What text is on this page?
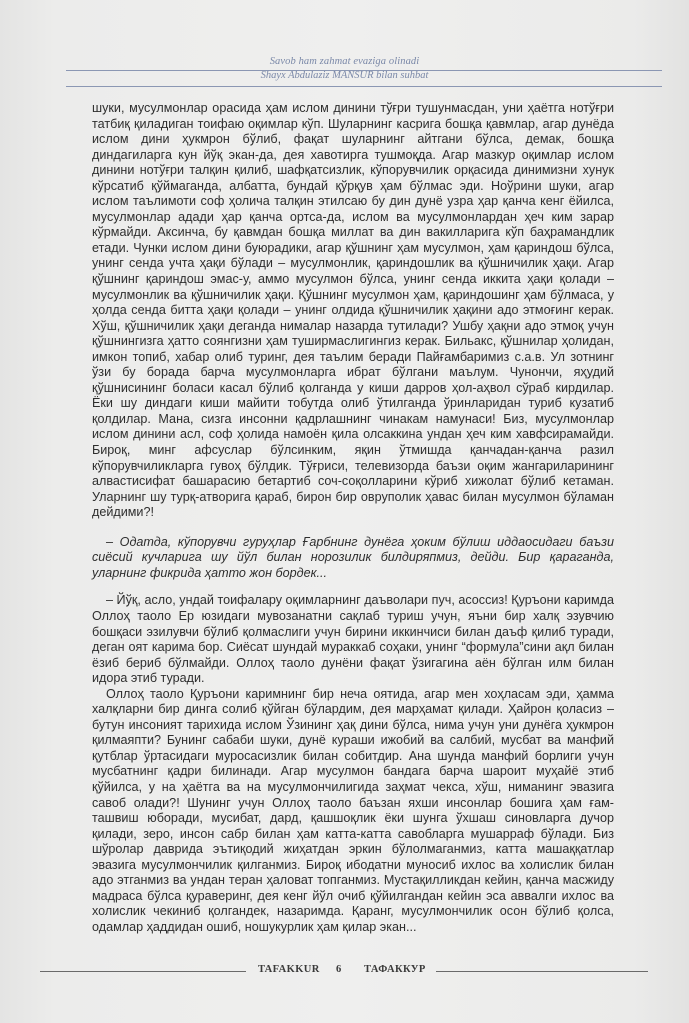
Savob ham zahmat evaziga olinadi
Shayx Abdulaziz MANSUR bilan suhbat

шуки, мусулмонлар орасида ҳам ислом динини тўғри тушунмасдан, уни ҳаётга нотўғри татбиқ қиладиган тоифаю оқимлар кўп. Шуларнинг касрига бошқа қавмлар, агар дунёда ислом дини ҳукмрон бўлиб, фақат шуларнинг айтгани бўлса, демак, бошқа диндагиларга кун йўқ экан-да, дея хавотирга тушмоқда. Агар мазкур оқимлар ислом динини нотўғри талқин қилиб, шафқатсизлик, кўпорувчилик орқасида динимизни хунук кўрсатиб қўймаганда, албатта, бундай қўрқув ҳам бўлмас эди. Ноўрини шуки, агар ислом таълимоти соф ҳолича талқин этилсаю бу дин дунё узра ҳар қанча кенг ёйилса, мусулмонлар адади ҳар қанча ортса-да, ислом ва мусулмонлардан ҳеч ким зарар кўрмайди. Аксинча, бу қавмдан бошқа миллат ва дин вакилларига кўп баҳрамандлик етади. Чунки ислом дини буюрадики, агар қўшнинг ҳам мусулмон, ҳам қариндош бўлса, унинг сенда учта ҳақи бўлади – мусулмонлик, қариндошлик ва қўшничилик ҳақи. Агар қўшнинг қариндош эмас-у, аммо мусулмон бўлса, унинг сенда иккита ҳақи қолади – мусулмонлик ва қўшничилик ҳақи. Қўшнинг мусулмон ҳам, қариндошинг ҳам бўлмаса, у ҳолда сенда битта ҳақи қолади – унинг олдида қўшничилик ҳақини адо этмоғинг керак. Хўш, қўшничилик ҳақи деганда нималар назарда тутилади? Ушбу ҳақни адо этмоқ учун қўшнингизга ҳатто соянгизни ҳам туширмаслигингиз керак. Бильакс, қўшнилар ҳолидан, имкон топиб, хабар олиб туринг, дея таълим беради Пайғамбаримиз с.а.в. Ул зотнинг ўзи бу борада барча мусулмонларга ибрат бўлгани маълум. Чунончи, яҳудий қўшнисининг боласи касал бўлиб қолганда у киши дарров ҳол-аҳвол сўраб кирдилар. Ёки шу диндаги киши майити тобутда олиб ўтилганда ўринларидан туриб кузатиб қолдилар. Мана, сизга инсонни қадрлашнинг чинакам намунаси! Биз, мусулмонлар ислом динини асл, соф ҳолида намоён қила олсаккина ундан ҳеч ким хавфсирамайди. Бироқ, минг афсуслар бўлсинким, яқин ўтмишда қанчадан-қанча разил кўпорувчиликларга гувоҳ бўлдик. Тўғриси, телевизорда баъзи оқим жангариларининг алвастисифат башарасию бетартиб соч-соқолларини кўриб хижолат бўлиб кетаман. Уларнинг шу турқ-атворига қараб, бирон бир овруполик ҳавас билан мусулмон бўламан дейдими?!

– Одатда, кўпорувчи гуруҳлар Ғарбнинг дунёга ҳоким бўлиш иддаосидаги баъзи сиёсий кучларига шу йўл билан норозилик билдиряпмиз, дейди. Бир қараганда, уларнинг фикрида ҳатто жон бордек...

– Йўқ, асло, ундай тоифалару оқимларнинг даъволари пуч, асоссиз! Қуръони каримда Оллоҳ таоло Ер юзидаги мувозанатни сақлаб туриш учун, яъни бир халқ эзувчию бошқаси эзилувчи бўлиб қолмаслиги учун бирини иккинчиси билан даъф қилиб туради, деган оят карима бор. Сиёсат шундай мураккаб соҳаки, унинг “формула”сини ақл билан ёзиб бериб бўлмайди. Оллоҳ таоло дунёни фақат ўзигагина аён бўлган илм билан идора этиб туради.

Оллоҳ таоло Қуръони каримнинг бир неча оятида, агар мен хоҳласам эди, ҳамма халқларни бир динга солиб қўйган бўлардим, дея марҳамат қилади. Ҳайрон қоласиз – бутун инсоният тарихида ислом Ўзининг ҳақ дини бўлса, нима учун уни дунёга ҳукмрон қилмаяпти? Бунинг сабаби шуки, дунё кураши ижобий ва салбий, мусбат ва манфий қутблар ўртасидаги муросасизлик билан собитдир. Ана шунда манфий борлиги учун мусбатнинг қадри билинади. Агар мусулмон бандага барча шароит муҳайё этиб қўйилса, у на ҳаётга ва на мусулмончилигида заҳмат чекса, хўш, ниманинг эвазига савоб олади?! Шунинг учун Оллоҳ таоло баъзан яхши инсонлар бошига ҳам ғам-ташвиш юборади, мусибат, дард, қашшоқлик ёки шунга ўхшаш синовларга дучор қилади, зеро, инсон сабр билан ҳам катта-катта савобларга мушарраф бўлади. Биз шўролар даврида эътиқодий жиҳатдан эркин бўлолмаганмиз, катта машаққатлар эвазига мусулмончилик қилганмиз. Бироқ ибодатни муносиб ихлос ва холислик билан адо этганмиз ва ундан теран ҳаловат топганмиз. Мустақилликдан кейин, қанча масжиду мадраса бўлса қураверинг, дея кенг йўл очиб қўйилгандан кейин эса аввалги ихлос ва холислик чекиниб қолгандек, назаримда. Қаранг, мусулмончилик осон бўлиб қолса, одамлар ҳаддидан ошиб, ношукурлик ҳам қилар экан...

TAFAKKUR 6 ТАФАККУР
